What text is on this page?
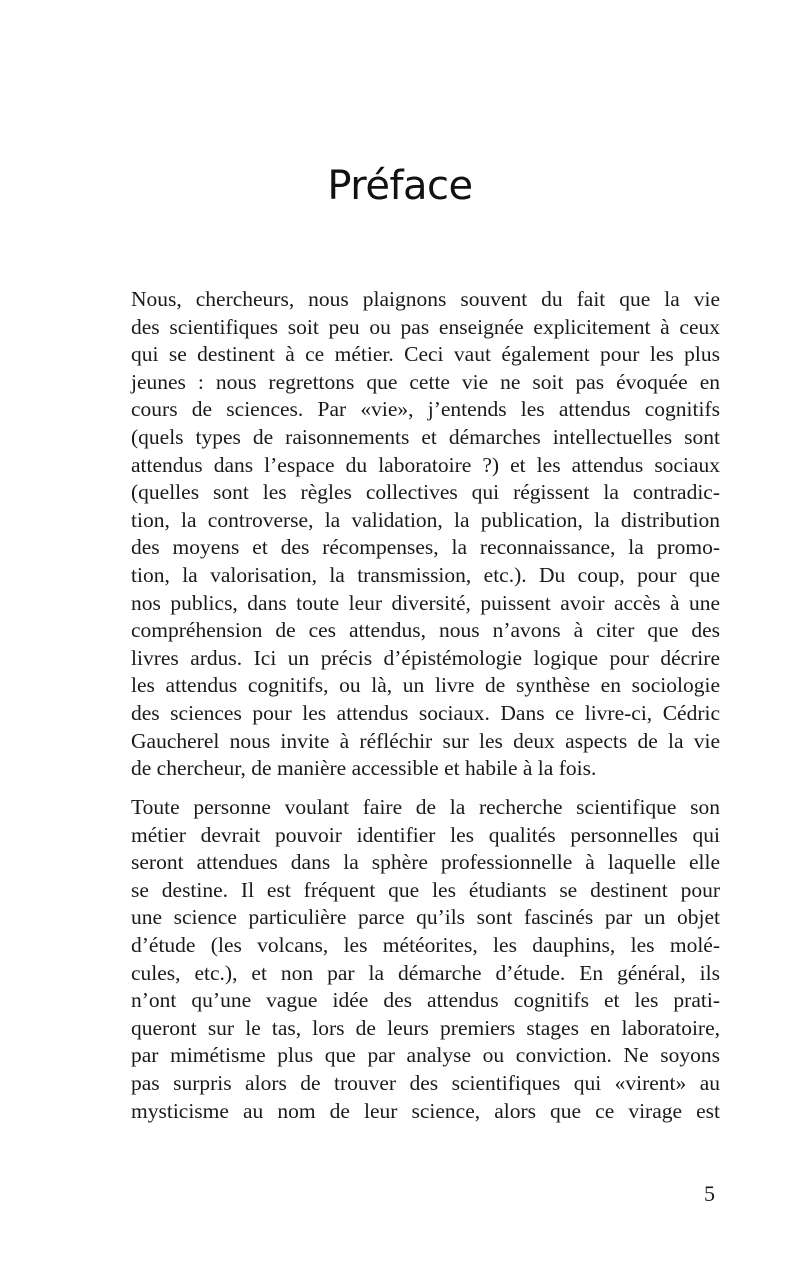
Préface
Nous, chercheurs, nous plaignons souvent du fait que la vie
des scientifiques soit peu ou pas enseignée explicitement à ceux
qui se destinent à ce métier. Ceci vaut également pour les plus
jeunes : nous regrettons que cette vie ne soit pas évoquée en
cours de sciences. Par «vie», j’entends les attendus cognitifs
(quels types de raisonnements et démarches intellectuelles sont
attendus dans l’espace du laboratoire ?) et les attendus sociaux
(quelles sont les règles collectives qui régissent la contradic-
tion, la controverse, la validation, la publication, la distribution
des moyens et des récompenses, la reconnaissance, la promo-
tion, la valorisation, la transmission, etc.). Du coup, pour que
nos publics, dans toute leur diversité, puissent avoir accès à une
compréhension de ces attendus, nous n’avons à citer que des
livres ardus. Ici un précis d’épistémologie logique pour décrire
les attendus cognitifs, ou là, un livre de synthèse en sociologie
des sciences pour les attendus sociaux. Dans ce livre-ci, Cédric
Gaucherel nous invite à réfléchir sur les deux aspects de la vie
de chercheur, de manière accessible et habile à la fois.
Toute personne voulant faire de la recherche scientifique son
métier devrait pouvoir identifier les qualités personnelles qui
seront attendues dans la sphère professionnelle à laquelle elle
se destine. Il est fréquent que les étudiants se destinent pour
une science particulière parce qu’ils sont fascinés par un objet
d’étude (les volcans, les météorites, les dauphins, les molé-
cules, etc.), et non par la démarche d’étude. En général, ils
n’ont qu’une vague idée des attendus cognitifs et les prati-
queront sur le tas, lors de leurs premiers stages en laboratoire,
par mimétisme plus que par analyse ou conviction. Ne soyons
pas surpris alors de trouver des scientifiques qui «virent» au
mysticisme au nom de leur science, alors que ce virage est
5
